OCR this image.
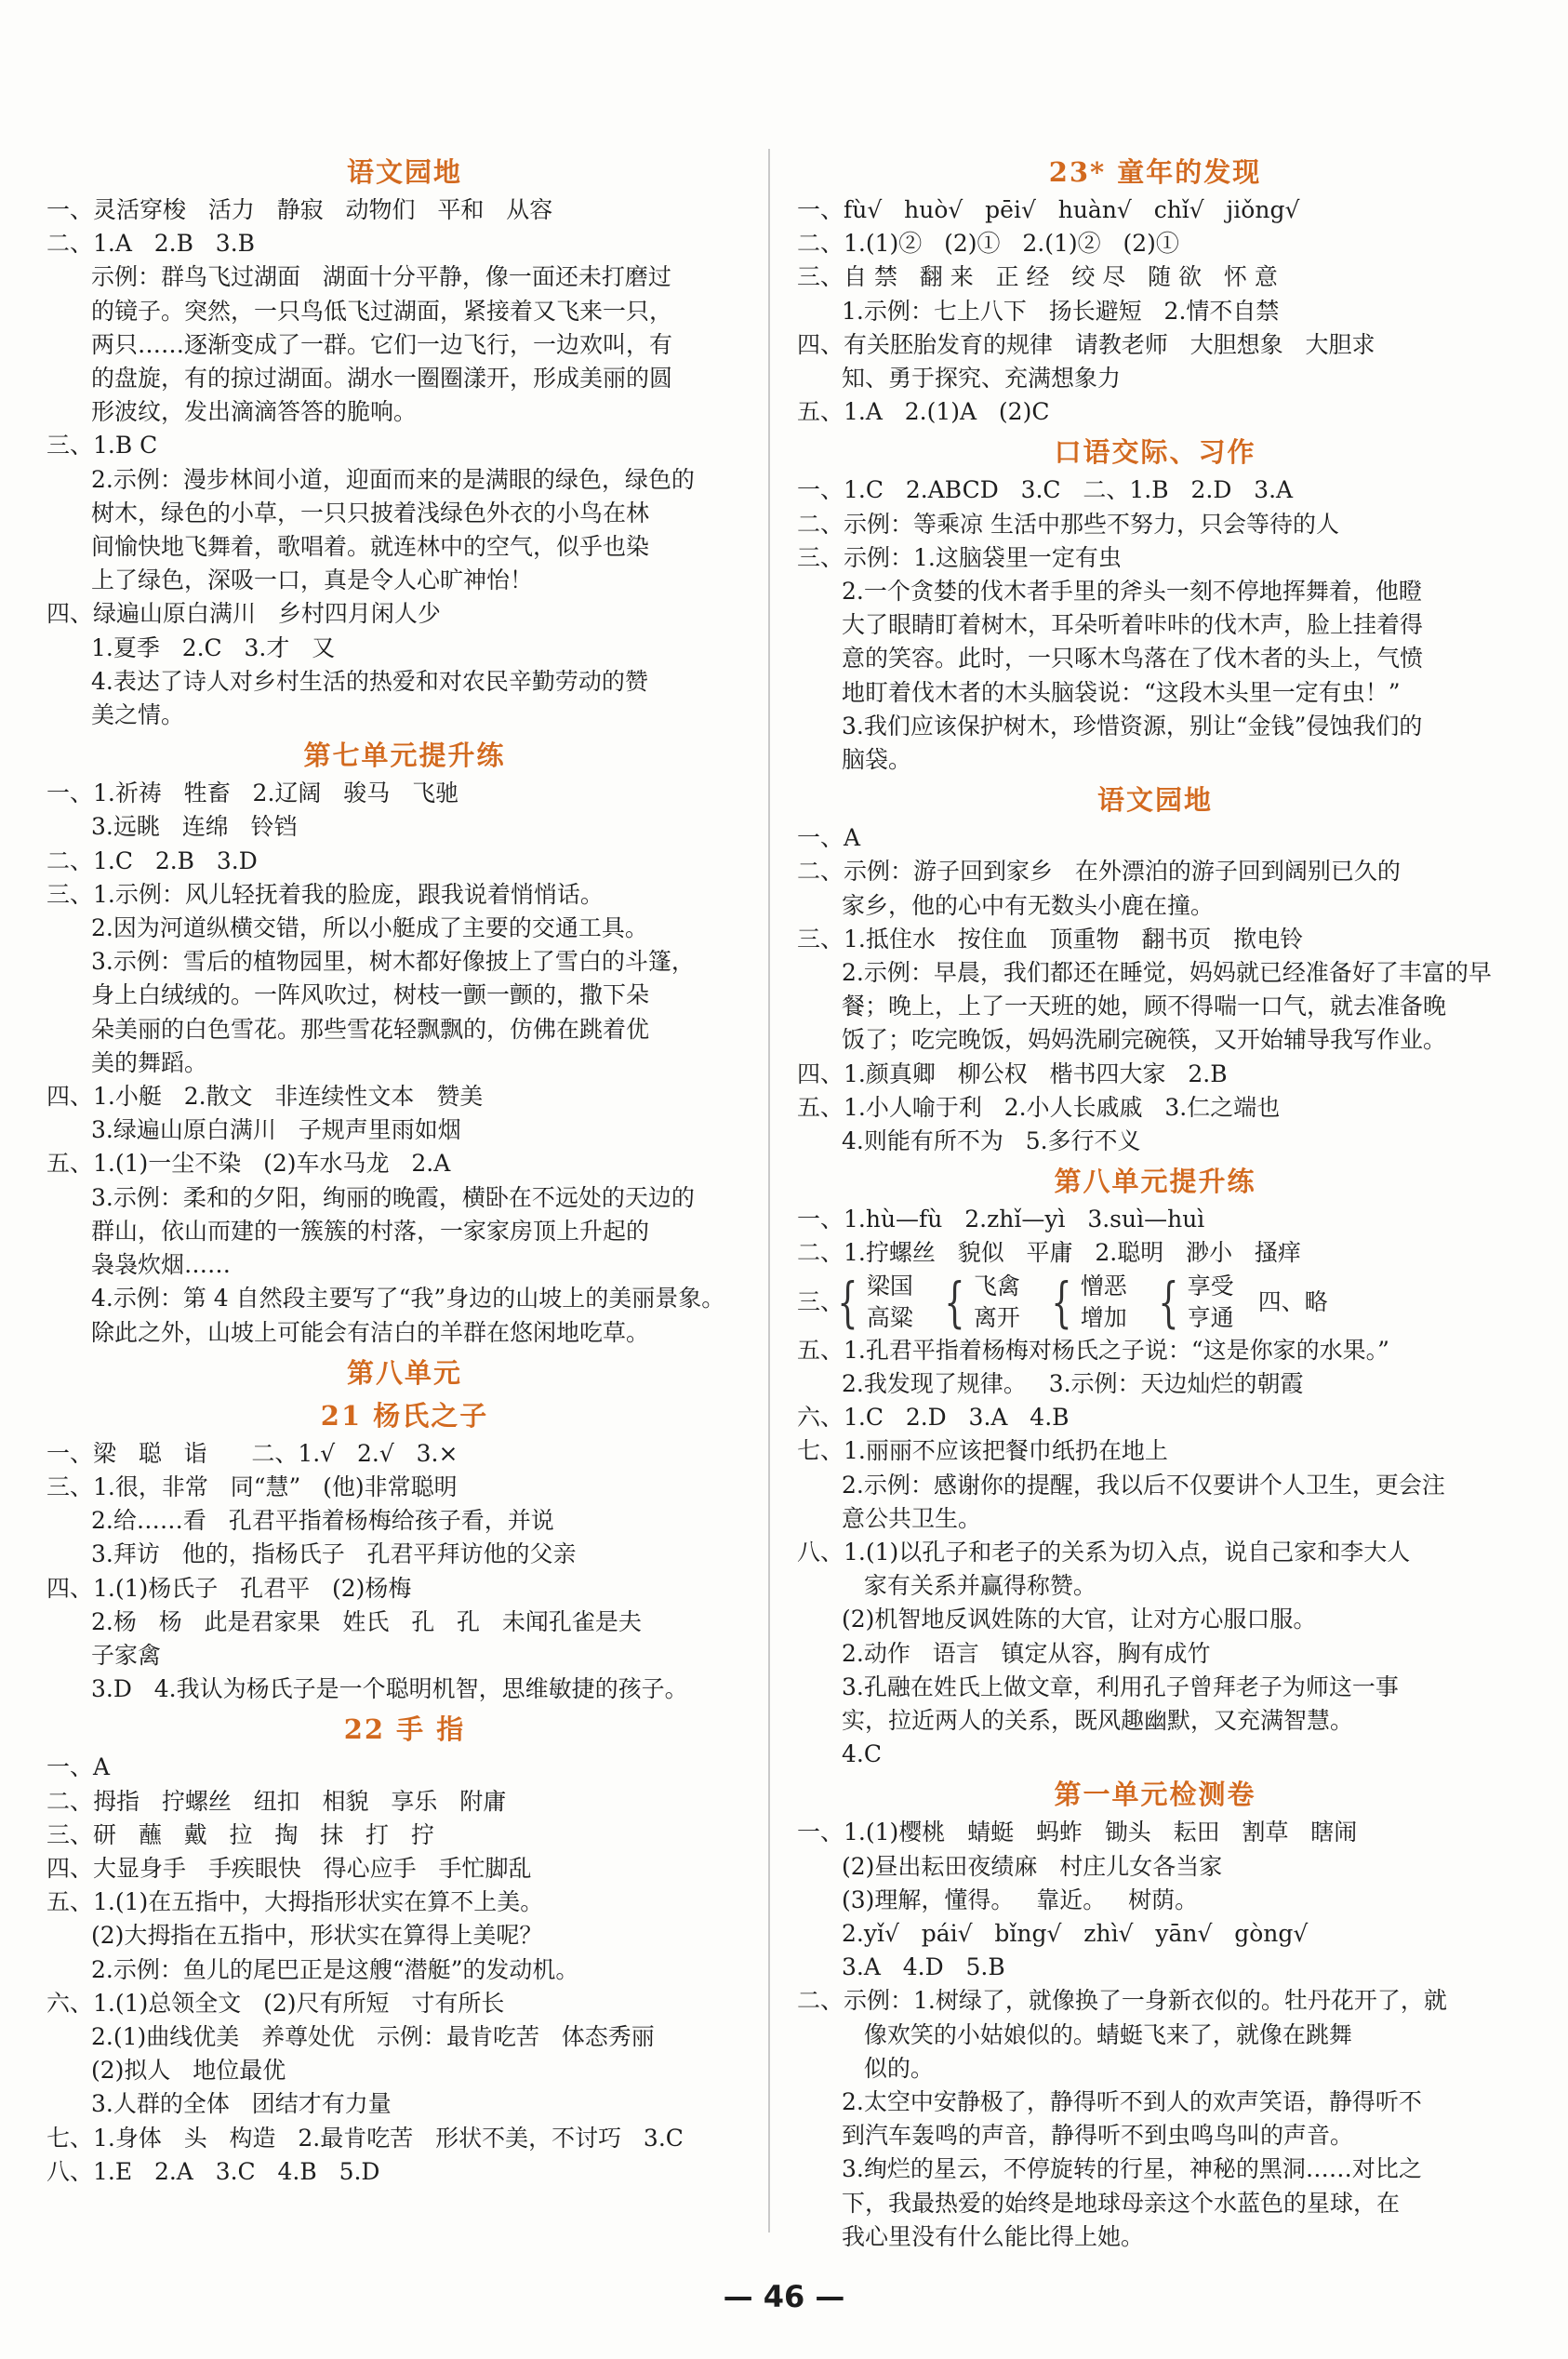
语文园地
一、灵活穿梭   活力   静寂   动物们   平和   从容
二、1.A   2.B   3.B
示例：群鸟飞过湖面   湖面十分平静，像一面还未打磨过
的镜子。突然，一只鸟低飞过湖面，紧接着又飞来一只，
两只……逐渐变成了一群。它们一边飞行，一边欢叫，有
的盘旋，有的掠过湖面。湖水一圈圈漾开，形成美丽的圆
形波纹，发出滴滴答答的脆响。
三、1.B C
2.示例：漫步林间小道，迎面而来的是满眼的绿色，绿色的
树木，绿色的小草，一只只披着浅绿色外衣的小鸟在林
间愉快地飞舞着，歌唱着。就连林中的空气，似乎也染
上了绿色，深吸一口，真是令人心旷神怡！
四、绿遍山原白满川   乡村四月闲人少
1.夏季   2.C   3.才   又
4.表达了诗人对乡村生活的热爱和对农民辛勤劳动的赞
美之情。
第七单元提升练
一、1.祈祷   牲畜   2.辽阔   骏马   飞驰
3.远眺   连绵   铃铛
二、1.C   2.B   3.D
三、1.示例：风儿轻抚着我的脸庞，跟我说着悄悄话。
2.因为河道纵横交错，所以小艇成了主要的交通工具。
3.示例：雪后的植物园里，树木都好像披上了雪白的斗篷，
身上白绒绒的。一阵风吹过，树枝一颤一颤的，撒下朵
朵美丽的白色雪花。那些雪花轻飘飘的，仿佛在跳着优
美的舞蹈。
四、1.小艇   2.散文   非连续性文本   赞美
3.绿遍山原白满川   子规声里雨如烟
五、1.(1)一尘不染   (2)车水马龙   2.A
3.示例：柔和的夕阳，绚丽的晚霞，横卧在不远处的天边的
群山，依山而建的一簇簇的村落，一家家房顶上升起的
袅袅炊烟……
4.示例：第 4 自然段主要写了“我”身边的山坡上的美丽景象。
除此之外，山坡上可能会有洁白的羊群在悠闲地吃草。
第八单元
21 杨氏之子
一、梁   聪   诣      二、1.√   2.√   3.×
三、1.很，非常   同“慧”   (他)非常聪明
2.给……看   孔君平指着杨梅给孩子看，并说
3.拜访   他的，指杨氏子   孔君平拜访他的父亲
四、1.(1)杨氏子   孔君平   (2)杨梅
2.杨   杨   此是君家果   姓氏   孔   孔   未闻孔雀是夫
子家禽
3.D   4.我认为杨氏子是一个聪明机智，思维敏捷的孩子。
22 手 指
一、A
二、拇指   拧螺丝   纽扣   相貌   享乐   附庸
三、研   蘸   戴   拉   掏   抹   打   拧
四、大显身手   手疾眼快   得心应手   手忙脚乱
五、1.(1)在五指中，大拇指形状实在算不上美。
(2)大拇指在五指中，形状实在算得上美呢？
2.示例：鱼儿的尾巴正是这艘“潜艇”的发动机。
六、1.(1)总领全文   (2)尺有所短   寸有所长
2.(1)曲线优美   养尊处优   示例：最肯吃苦   体态秀丽
(2)拟人   地位最优
3.人群的全体   团结才有力量
七、1.身体   头   构造   2.最肯吃苦   形状不美，不讨巧   3.C
八、1.E   2.A   3.C   4.B   5.D
23* 童年的发现
一、fù√   huò√   pēi√   huàn√   chǐ√   jiǒng√
二、1.(1)②   (2)①   2.(1)②   (2)①
三、自 禁   翻 来   正 经   绞 尽   随 欲   怀 意
1.示例：七上八下   扬长避短   2.情不自禁
四、有关胚胎发育的规律   请教老师   大胆想象   大胆求
知、勇于探究、充满想象力
五、1.A   2.(1)A   (2)C
口语交际、习作
一、1.C   2.ABCD   3.C   二、1.B   2.D   3.A
二、示例：等乘凉 生活中那些不努力，只会等待的人
三、示例：1.这脑袋里一定有虫
2.一个贪婪的伐木者手里的斧头一刻不停地挥舞着，他瞪
大了眼睛盯着树木，耳朵听着咔咔的伐木声，脸上挂着得
意的笑容。此时，一只啄木鸟落在了伐木者的头上，气愤
地盯着伐木者的木头脑袋说：“这段木头里一定有虫！”
3.我们应该保护树木，珍惜资源，别让“金钱”侵蚀我们的
脑袋。
语文园地
一、A
二、示例：游子回到家乡   在外漂泊的游子回到阔别已久的
家乡，他的心中有无数头小鹿在撞。
三、1.抵住水   按住血   顶重物   翻书页   揿电铃
2.示例：早晨，我们都还在睡觉，妈妈就已经准备好了丰富的早
餐；晚上，上了一天班的她，顾不得喘一口气，就去准备晚
饭了；吃完晚饭，妈妈洗刷完碗筷，又开始辅导我写作业。
四、1.颜真卿   柳公权   楷书四大家   2.B
五、1.小人喻于利   2.小人长戚戚   3.仁之端也
4.则能有所不为   5.多行不义
第八单元提升练
一、1.hù—fù   2.zhǐ—yì   3.suì—huì
二、1.拧螺丝   貌似   平庸   2.聪明   渺小   搔痒
三、
{ 梁国
高粱 { 飞禽
离开 { 憎恶
增加 { 享受
亨通
四、略
五、1.孔君平指着杨梅对杨氏之子说：“这是你家的水果。”
2.我发现了规律。   3.示例：天边灿烂的朝霞
六、1.C   2.D   3.A   4.B
七、1.丽丽不应该把餐巾纸扔在地上
2.示例：感谢你的提醒，我以后不仅要讲个人卫生，更会注
意公共卫生。
八、1.(1)以孔子和老子的关系为切入点，说自己家和李大人
家有关系并赢得称赞。
(2)机智地反讽姓陈的大官，让对方心服口服。
2.动作   语言   镇定从容，胸有成竹
3.孔融在姓氏上做文章，利用孔子曾拜老子为师这一事
实，拉近两人的关系，既风趣幽默，又充满智慧。
4.C
第一单元检测卷
一、1.(1)樱桃   蜻蜓   蚂蚱   锄头   耘田   割草   瞎闹
(2)昼出耘田夜绩麻   村庄儿女各当家
(3)理解，懂得。   靠近。   树荫。
2.yǐ√   pái√   bǐng√   zhì√   yān√   gòng√
3.A   4.D   5.B
二、示例：1.树绿了，就像换了一身新衣似的。牡丹花开了，就
像欢笑的小姑娘似的。蜻蜓飞来了，就像在跳舞
似的。
2.太空中安静极了，静得听不到人的欢声笑语，静得听不
到汽车轰鸣的声音，静得听不到虫鸣鸟叫的声音。
3.绚烂的星云，不停旋转的行星，神秘的黑洞……对比之
下，我最热爱的始终是地球母亲这个水蓝色的星球，在
我心里没有什么能比得上她。
— 46 —
